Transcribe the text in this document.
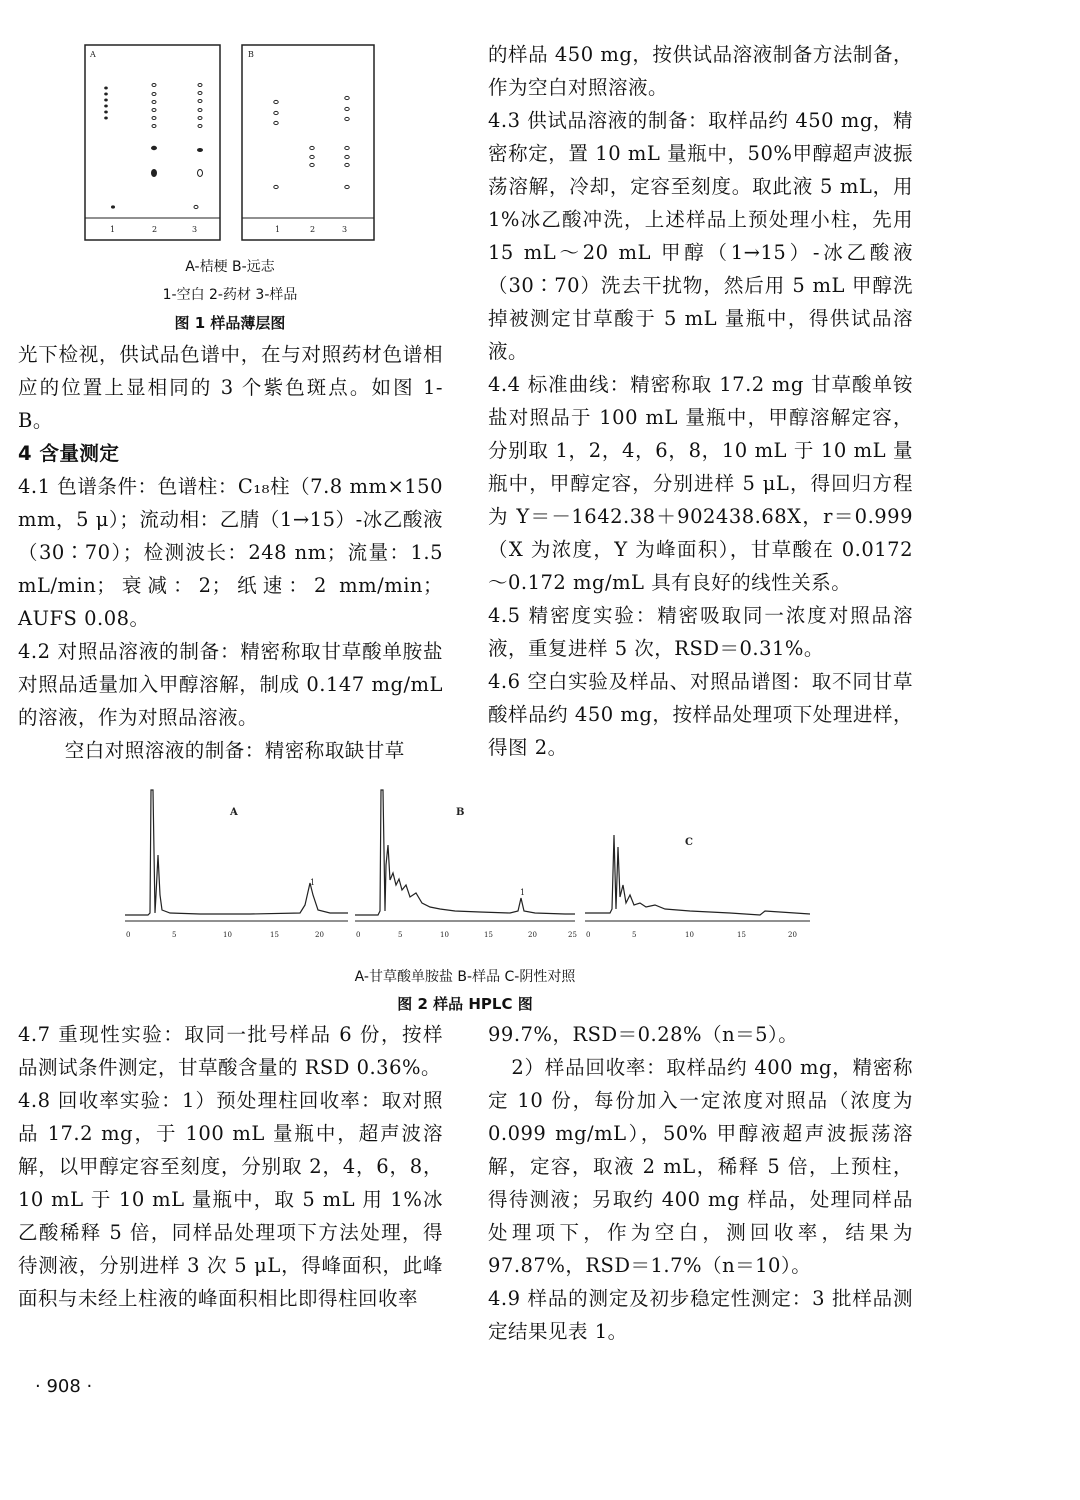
A
1	2	3
B
1	2	3
A-桔梗 B-远志
1-空白 2-药材 3-样品
图 1 样品薄层图

光下检视，供试品色谱中，在与对照药材色谱相应的位置上显相同的 3 个紫色斑点。如图 1-B。

4 含量测定

4.1 色谱条件：色谱柱：C₁₈柱（7.8 mm×150 mm，5 μ）；流动相：乙腈（1→15）-冰乙酸液（30∶70）；检测波长：248 nm；流量：1.5 mL/min；衰减：2；纸速：2 mm/min；AUFS 0.08。

4.2 对照品溶液的制备：精密称取甘草酸单胺盐对照品适量加入甲醇溶解，制成 0.147 mg/mL 的溶液，作为对照品溶液。

空白对照溶液的制备：精密称取缺甘草

的样品 450 mg，按供试品溶液制备方法制备，作为空白对照溶液。

4.3 供试品溶液的制备：取样品约 450 mg，精密称定，置 10 mL 量瓶中，50%甲醇超声波振荡溶解，冷却，定容至刻度。取此液 5 mL，用 1%冰乙酸冲洗，上述样品上预处理小柱，先用 15 mL～20 mL 甲醇（1→15）-冰乙酸液（30∶70）洗去干扰物，然后用 5 mL 甲醇洗掉被测定甘草酸于 5 mL 量瓶中，得供试品溶液。

4.4 标准曲线：精密称取 17.2 mg 甘草酸单铵盐对照品于 100 mL 量瓶中，甲醇溶解定容，分别取 1，2，4，6，8，10 mL 于 10 mL 量瓶中，甲醇定容，分别进样 5 μL，得回归方程为 Y＝－1642.38＋902438.68X，r＝0.999（X 为浓度，Y 为峰面积），甘草酸在 0.0172～0.172 mg/mL 具有良好的线性关系。

4.5 精密度实验：精密吸取同一浓度对照品溶液，重复进样 5 次，RSD＝0.31%。

4.6 空白实验及样品、对照品谱图：取不同甘草酸样品约 450 mg，按样品处理项下处理进样，得图 2。

A
1
0	5	10	15	20
B
1
0	5	10	15	20	25
C
0	5	10	15	20
A-甘草酸单胺盐 B-样品 C-阴性对照
图 2 样品 HPLC 图

4.7 重现性实验：取同一批号样品 6 份，按样品测试条件测定，甘草酸含量的 RSD 0.36%。

4.8 回收率实验：1）预处理柱回收率：取对照品 17.2 mg，于 100 mL 量瓶中，超声波溶解，以甲醇定容至刻度，分别取 2，4，6，8，10 mL 于 10 mL 量瓶中，取 5 mL 用 1%冰乙酸稀释 5 倍，同样品处理项下方法处理，得待测液，分别进样 3 次 5 μL，得峰面积，此峰面积与未经上柱液的峰面积相比即得柱回收率

99.7%，RSD＝0.28%（n＝5）。

2）样品回收率：取样品约 400 mg，精密称定 10 份，每份加入一定浓度对照品（浓度为 0.099 mg/mL），50% 甲醇液超声波振荡溶解，定容，取液 2 mL，稀释 5 倍，上预柱，得待测液；另取约 400 mg 样品，处理同样品处理项下，作为空白，测回收率，结果为 97.87%，RSD＝1.7%（n＝10）。

4.9 样品的测定及初步稳定性测定：3 批样品测定结果见表 1。

· 908 ·
